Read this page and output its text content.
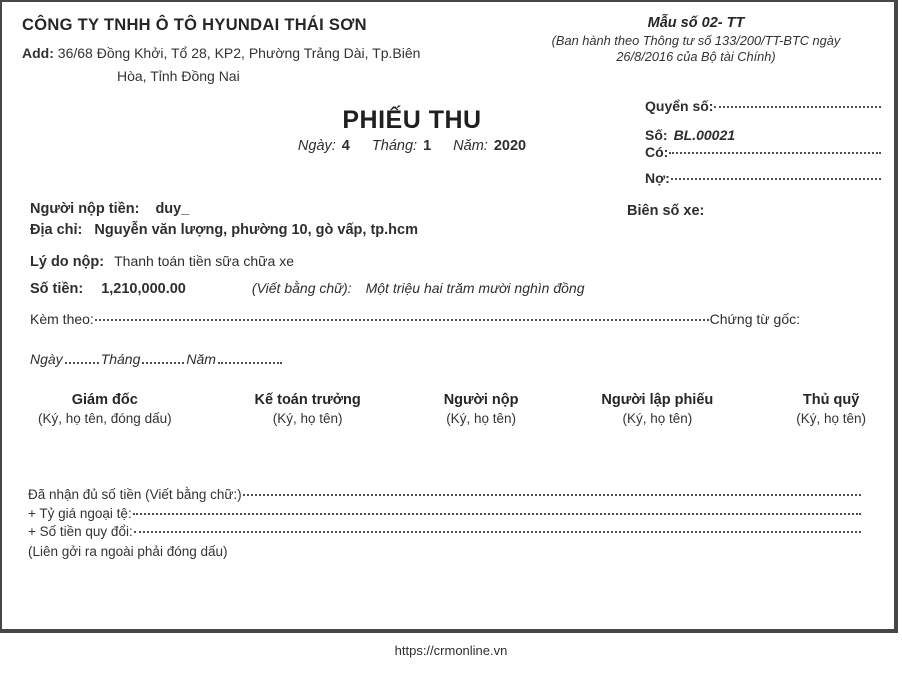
CÔNG TY TNHH Ô TÔ HYUNDAI THÁI SƠN
Add: 36/68 Đồng Khởi, Tổ 28, KP2, Phường Trảng Dài, Tp.Biên
Hòa, Tỉnh Đồng Nai
Mẫu số 02- TT
(Ban hành theo Thông tư số 133/200/TT-BTC ngày
26/8/2016 của Bộ tài Chính)
Quyển số:
Số: BL.00021
Có:
Nợ:
PHIẾU THU
Ngày: 4 Tháng: 1 Năm: 2020
Người nộp tiền: duy_	Biên số xe:
Địa chỉ: Nguyễn văn lượng, phường 10, gò vấp, tp.hcm
Lý do nộp: Thanh toán tiền sữa chữa xe
Số tiền: 1,210,000.00	(Viết bằng chữ): Một triệu hai trăm mười nghìn đồng
Kèm theo:	Chứng từ gốc:
Ngày	Tháng	Năm
Giám đốc
(Ký, họ tên, đóng dấu)
Kế toán trưởng
(Ký, họ tên)
Người nộp
(Ký, họ tên)
Người lập phiếu
(Ký, họ tên)
Thủ quỹ
(Ký, họ tên)
Đã nhận đủ số tiền (Viết bằng chữ:)
+ Tỷ giá ngoại tệ:
+ Số tiền quy đổi:
(Liên gởi ra ngoài phải đóng dấu)
https://crmonline.vn
